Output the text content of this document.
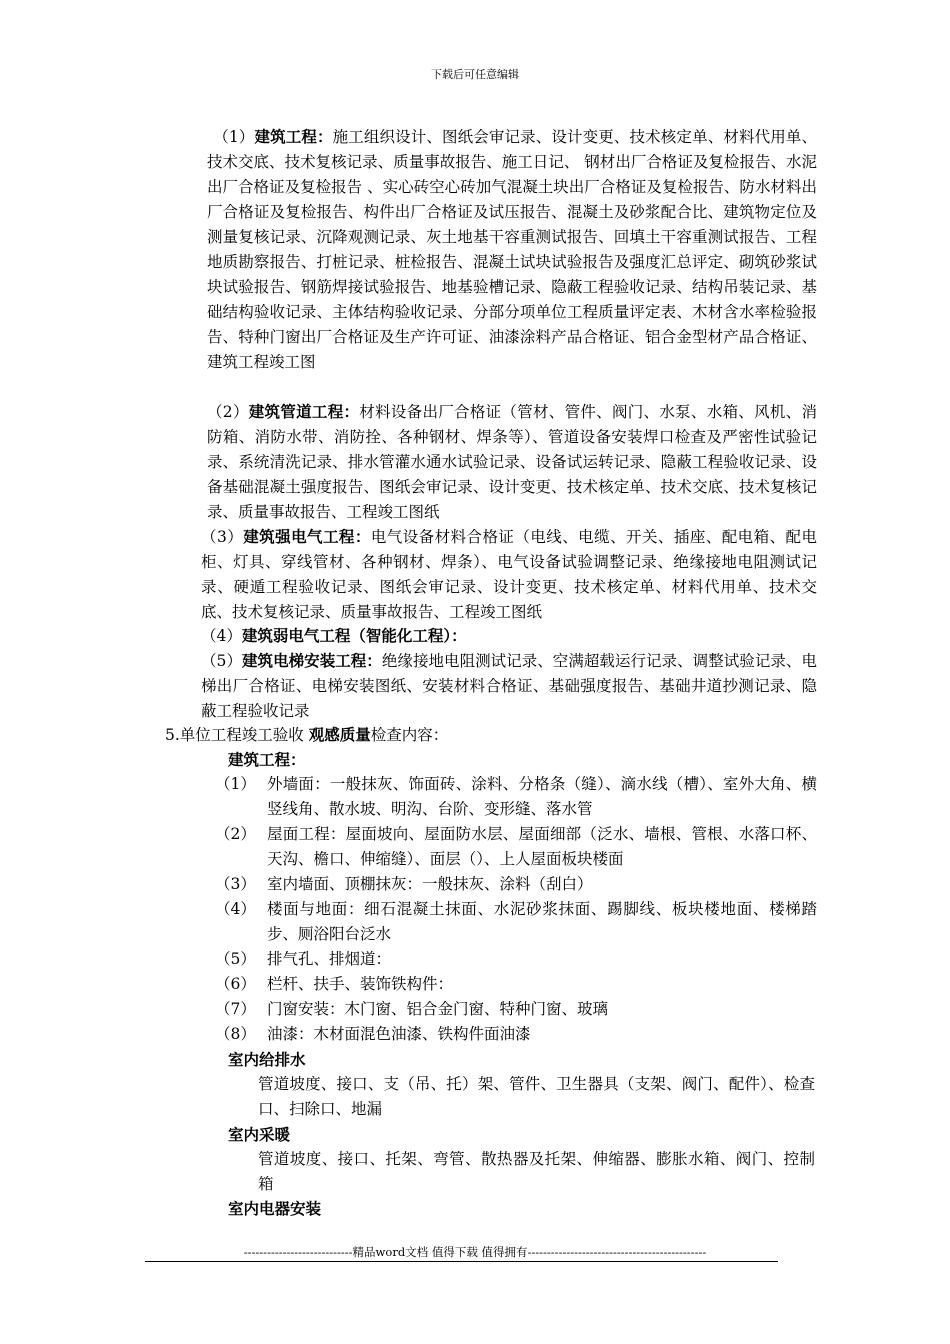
下载后可任意编辑
（1）建筑工程：施工组织设计、图纸会审记录、设计变更、技术核定单、材料代用单、技术交底、技术复核记录、质量事故报告、施工日记、 钢材出厂合格证及复检报告、水泥出厂合格证及复检报告 、实心砖空心砖加气混凝土块出厂合格证及复检报告、防水材料出厂合格证及复检报告、构件出厂合格证及试压报告、混凝土及砂浆配合比、建筑物定位及测量复核记录、沉降观测记录、灰土地基干容重测试报告、回填土干容重测试报告、工程地质勘察报告、打桩记录、桩检报告、混凝土试块试验报告及强度汇总评定、砌筑砂浆试块试验报告、钢筋焊接试验报告、地基验槽记录、隐蔽工程验收记录、结构吊装记录、基础结构验收记录、主体结构验收记录、分部分项单位工程质量评定表、木材含水率检验报告、特种门窗出厂合格证及生产许可证、油漆涂料产品合格证、铝合金型材产品合格证、建筑工程竣工图
（2）建筑管道工程：材料设备出厂合格证（管材、管件、阀门、水泵、水箱、风机、消防箱、消防水带、消防拴、各种钢材、焊条等）、管道设备安装焊口检查及严密性试验记录、系统清洗记录、排水管灌水通水试验记录、设备试运转记录、隐蔽工程验收记录、设备基础混凝土强度报告、图纸会审记录、设计变更、技术核定单、技术交底、技术复核记录、质量事故报告、工程竣工图纸
（3）建筑强电气工程：电气设备材料合格证（电线、电缆、开关、插座、配电箱、配电柜、灯具、穿线管材、各种钢材、焊条）、电气设备试验调整记录、绝缘接地电阻测试记录、硬遁工程验收记录、图纸会审记录、设计变更、技术核定单、材料代用单、技术交底、技术复核记录、质量事故报告、工程竣工图纸
（4）建筑弱电气工程（智能化工程）：
（5）建筑电梯安装工程：绝缘接地电阻测试记录、空满超载运行记录、调整试验记录、电梯出厂合格证、电梯安装图纸、安装材料合格证、基础强度报告、基础井道抄测记录、隐蔽工程验收记录
5.单位工程竣工验收 观感质量检查内容：
建筑工程：
（1） 外墙面：一般抹灰、饰面砖、涂料、分格条（缝）、滴水线（槽）、室外大角、横竖线角、散水坡、明沟、台阶、变形缝、落水管
（2） 屋面工程：屋面坡向、屋面防水层、屋面细部（泛水、墙根、管根、水落口杯、天沟、檐口、伸缩缝）、面层（）、上人屋面板块楼面
（3） 室内墙面、顶棚抹灰：一般抹灰、涂料（刮白）
（4） 楼面与地面：细石混凝土抹面、水泥砂浆抹面、踢脚线、板块楼地面、楼梯踏步、厕浴阳台泛水
（5） 排气孔、排烟道：
（6） 栏杆、扶手、装饰铁构件：
（7） 门窗安装：木门窗、铝合金门窗、特种门窗、玻璃
（8） 油漆：木材面混色油漆、铁构件面油漆
室内给排水
管道坡度、接口、支（吊、托）架、管件、卫生器具（支架、阀门、配件）、检查口、扫除口、地漏
室内采暖
管道坡度、接口、托架、弯管、散热器及托架、伸缩器、膨胀水箱、阀门、控制箱
室内电器安装
----------------------------精品word文档 值得下载 值得拥有----------------------------------------------
